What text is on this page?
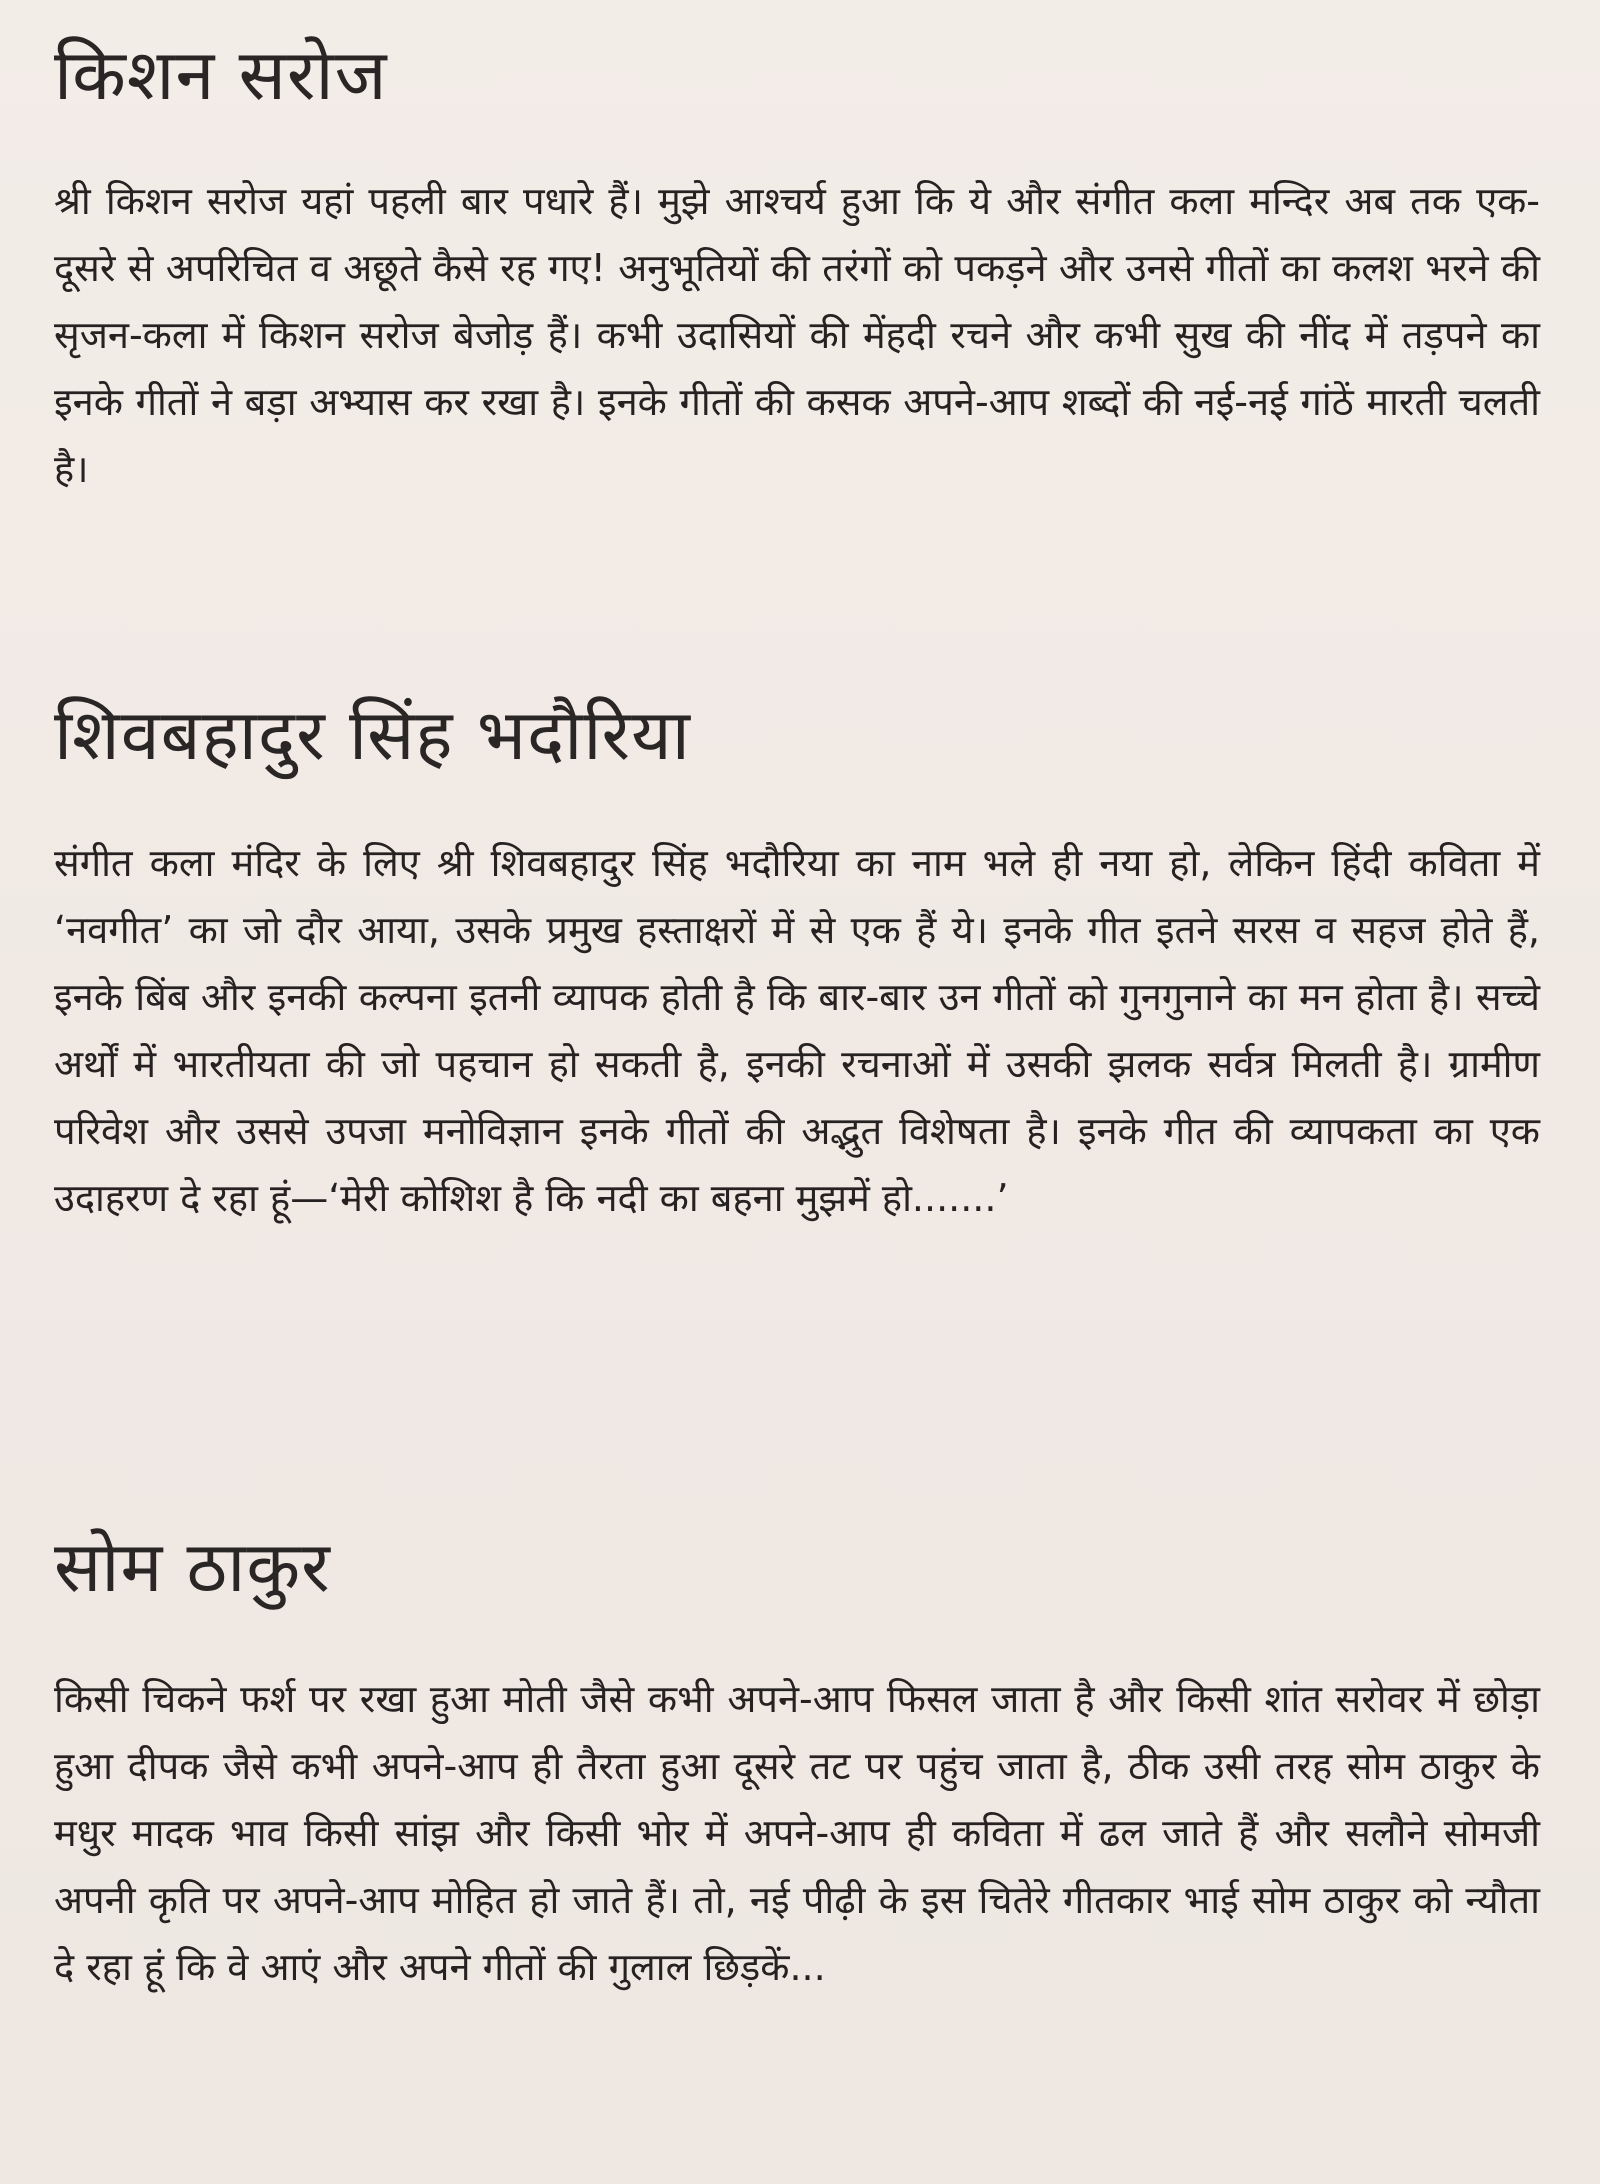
किशन सरोज

श्री किशन सरोज यहां पहली बार पधारे हैं। मुझे आश्चर्य हुआ कि ये और संगीत कला मन्दिर अब तक एक-दूसरे से अपरिचित व अछूते कैसे रह गए! अनुभूतियों की तरंगों को पकड़ने और उनसे गीतों का कलश भरने की सृजन-कला में किशन सरोज बेजोड़ हैं। कभी उदासियों की मेंहदी रचने और कभी सुख की नींद में तड़पने का इनके गीतों ने बड़ा अभ्यास कर रखा है। इनके गीतों की कसक अपने-आप शब्दों की नई-नई गांठें मारती चलती है।

शिवबहादुर सिंह भदौरिया

संगीत कला मंदिर के लिए श्री शिवबहादुर सिंह भदौरिया का नाम भले ही नया हो, लेकिन हिंदी कविता में ‘नवगीत’ का जो दौर आया, उसके प्रमुख हस्ताक्षरों में से एक हैं ये। इनके गीत इतने सरस व सहज होते हैं, इनके बिंब और इनकी कल्पना इतनी व्यापक होती है कि बार-बार उन गीतों को गुनगुनाने का मन होता है। सच्चे अर्थों में भारतीयता की जो पहचान हो सकती है, इनकी रचनाओं में उसकी झलक सर्वत्र मिलती है। ग्रामीण परिवेश और उससे उपजा मनोविज्ञान इनके गीतों की अद्भुत विशेषता है। इनके गीत की व्यापकता का एक उदाहरण दे रहा हूं—‘मेरी कोशिश है कि नदी का बहना मुझमें हो.......’

सोम ठाकुर

किसी चिकने फर्श पर रखा हुआ मोती जैसे कभी अपने-आप फिसल जाता है और किसी शांत सरोवर में छोड़ा हुआ दीपक जैसे कभी अपने-आप ही तैरता हुआ दूसरे तट पर पहुंच जाता है, ठीक उसी तरह सोम ठाकुर के मधुर मादक भाव किसी सांझ और किसी भोर में अपने-आप ही कविता में ढल जाते हैं और सलौने सोमजी अपनी कृति पर अपने-आप मोहित हो जाते हैं। तो, नई पीढ़ी के इस चितेरे गीतकार भाई सोम ठाकुर को न्यौता दे रहा हूं कि वे आएं और अपने गीतों की गुलाल छिड़कें...
